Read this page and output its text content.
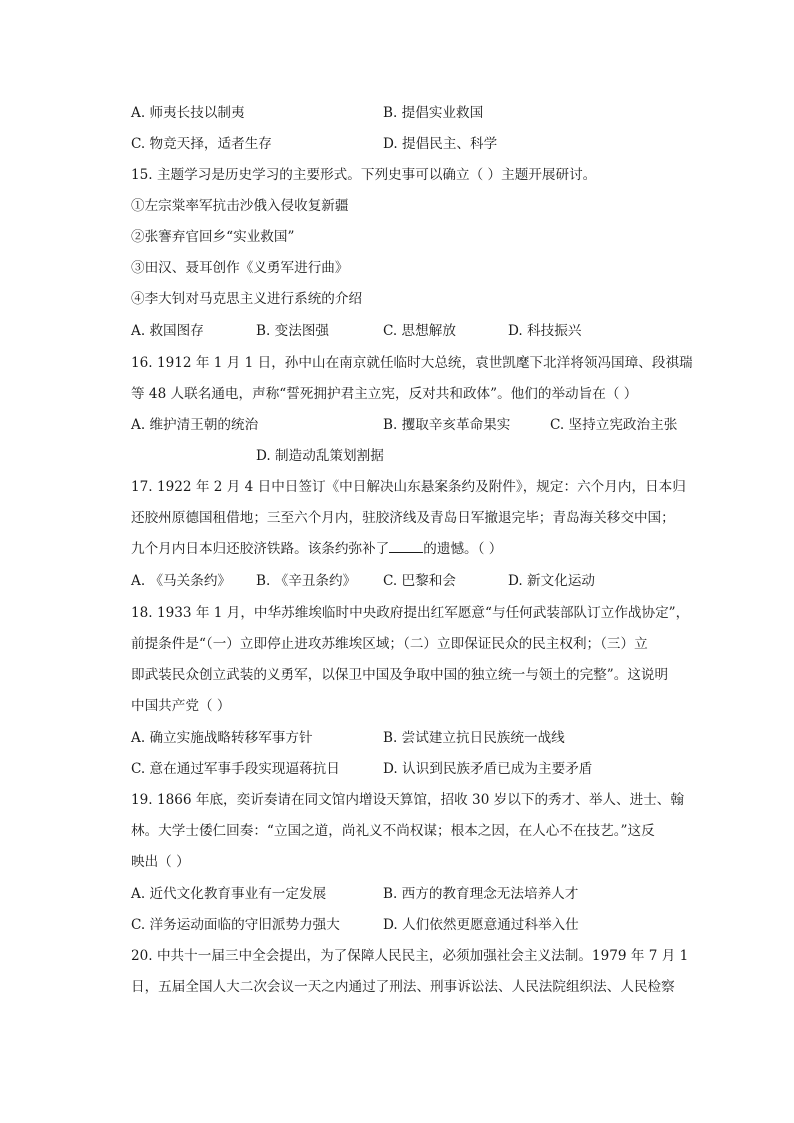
A. 师夷长技以制夷	B. 提倡实业救国
C. 物竞天择，适者生存	D. 提倡民主、科学
15. 主题学习是历史学习的主要形式。下列史事可以确立（ ）主题开展研讨。
①左宗棠率军抗击沙俄入侵收复新疆
②张謇弃官回乡“实业救国”
③田汉、聂耳创作《义勇军进行曲》
④李大钊对马克思主义进行系统的介绍
A. 救国图存	B. 变法图强	C. 思想解放	D. 科技振兴
16. 1912 年 1 月 1 日，孙中山在南京就任临时大总统，袁世凯麾下北洋将领冯国璋、段祺瑞
等 48 人联名通电，声称“誓死拥护君主立宪，反对共和政体”。他们的举动旨在（ ）
A. 维护清王朝的统治	B. 攫取辛亥革命果实	C. 坚持立宪政治主张
D. 制造动乱策划割据
17. 1922 年 2 月 4 日中日签订《中日解决山东悬案条约及附件》，规定：六个月内，日本归
还胶州原德国租借地；三至六个月内，驻胶济线及青岛日军撤退完毕；青岛海关移交中国；
九个月内日本归还胶济铁路。该条约弥补了	的遗憾。（ ）
A. 《马关条约》 B. 《辛丑条约》 C. 巴黎和会	D. 新文化运动
18. 1933 年 1 月，中华苏维埃临时中央政府提出红军愿意“与任何武装部队订立作战协定”，
前提条件是“（一）立即停止进攻苏维埃区域；（二）立即保证民众的民主权利；（三）立
即武装民众创立武装的义勇军，以保卫中国及争取中国的独立统一与领土的完整”。这说明
中国共产党（ ）
A. 确立实施战略转移军事方针	B. 尝试建立抗日民族统一战线
C. 意在通过军事手段实现逼蒋抗日	D. 认识到民族矛盾已成为主要矛盾
19. 1866 年底，奕䜣奏请在同文馆内增设天算馆，招收 30 岁以下的秀才、举人、进士、翰
林。大学士倭仁回奏：“立国之道，尚礼义不尚权谋；根本之因，在人心不在技艺。”这反
映出（ ）
A. 近代文化教育事业有一定发展	B. 西方的教育理念无法培养人才
C. 洋务运动面临的守旧派势力强大	D. 人们依然更愿意通过科举入仕
20. 中共十一届三中全会提出，为了保障人民民主，必须加强社会主义法制。1979 年 7 月 1
日，五届全国人大二次会议一天之内通过了刑法、刑事诉讼法、人民法院组织法、人民检察
